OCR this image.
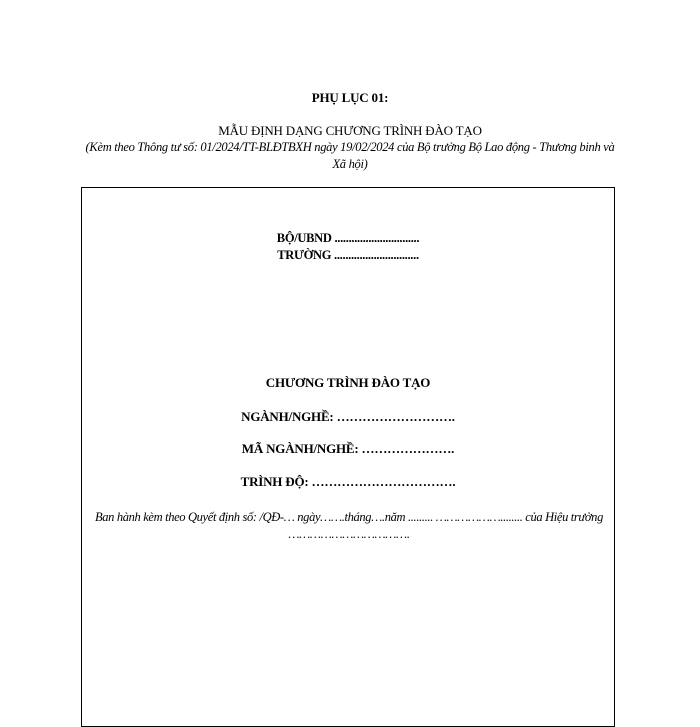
PHỤ LỤC 01:
MẪU ĐỊNH DẠNG CHƯƠNG TRÌNH ĐÀO TẠO
(Kèm theo Thông tư số: 01/2024/TT-BLĐTBXH ngày 19/02/2024 của Bộ trưởng Bộ Lao động - Thương binh và Xã hội)
BỘ/UBND ..............................
TRƯỜNG ..............................
CHƯƠNG TRÌNH ĐÀO TẠO
NGÀNH/NGHỀ: ……………………….
MÃ NGÀNH/NGHỀ: ………………….
TRÌNH ĐỘ: …………………………….
Ban hành kèm theo Quyết định số: /QĐ-… ngày…….tháng….năm ......... ………………........ của Hiệu trưởng …………………………….
